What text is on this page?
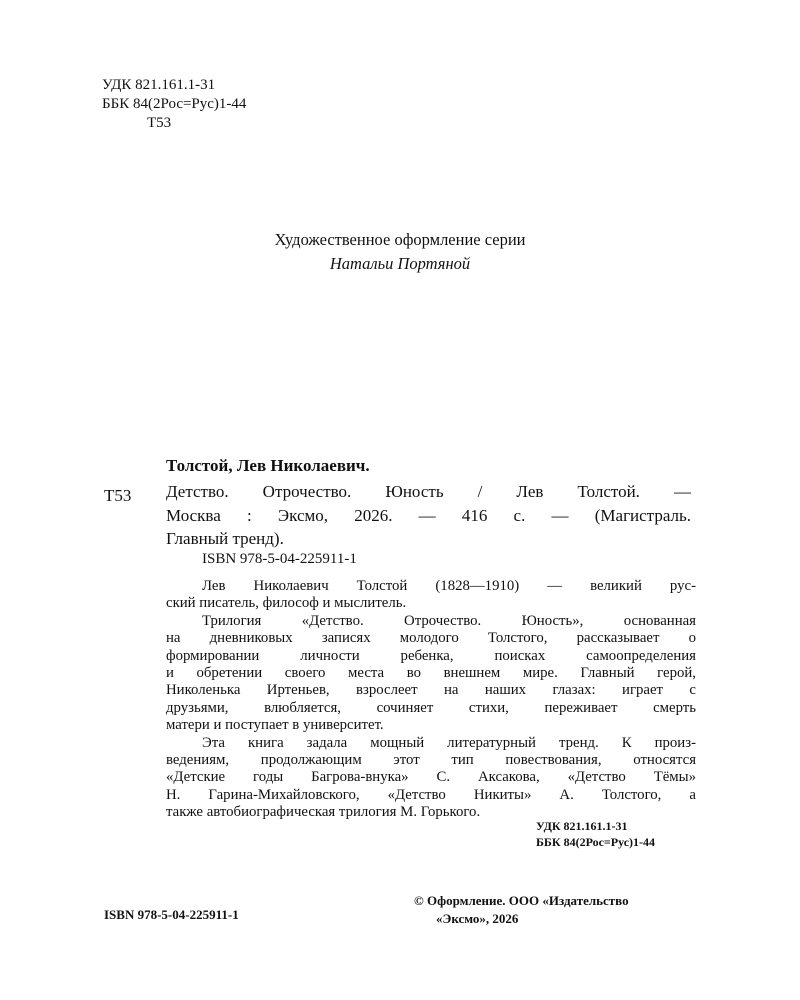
УДК 821.161.1-31
ББК 84(2Рос=Рус)1-44
Т53
Художественное оформление серии
Натальи Портяной
Толстой, Лев Николаевич.
Т53 Детство. Отрочество. Юность / Лев Толстой. —
Москва : Эксмо, 2026. — 416 с. — (Магистраль.
Главный тренд).
ISBN 978-5-04-225911-1
Лев Николаевич Толстой (1828—1910) — великий рус-
ский писатель, философ и мыслитель.
Трилогия «Детство. Отрочество. Юность», основанная
на дневниковых записях молодого Толстого, рассказывает о
формировании личности ребенка, поисках самоопределения
и обретении своего места во внешнем мире. Главный герой,
Николенька Иртеньев, взрослеет на наших глазах: играет с
друзьями, влюбляется, сочиняет стихи, переживает смерть
матери и поступает в университет.
Эта книга задала мощный литературный тренд. К произ-
ведениям, продолжающим этот тип повествования, относятся
«Детские годы Багрова-внука» С. Аксакова, «Детство Тёмы»
Н. Гарина-Михайловского, «Детство Никиты» А. Толстого, а
также автобиографическая трилогия М. Горького.
УДК 821.161.1-31
ББК 84(2Рос=Рус)1-44
© Оформление. ООО «Издательство
«Эксмо», 2026
ISBN 978-5-04-225911-1
